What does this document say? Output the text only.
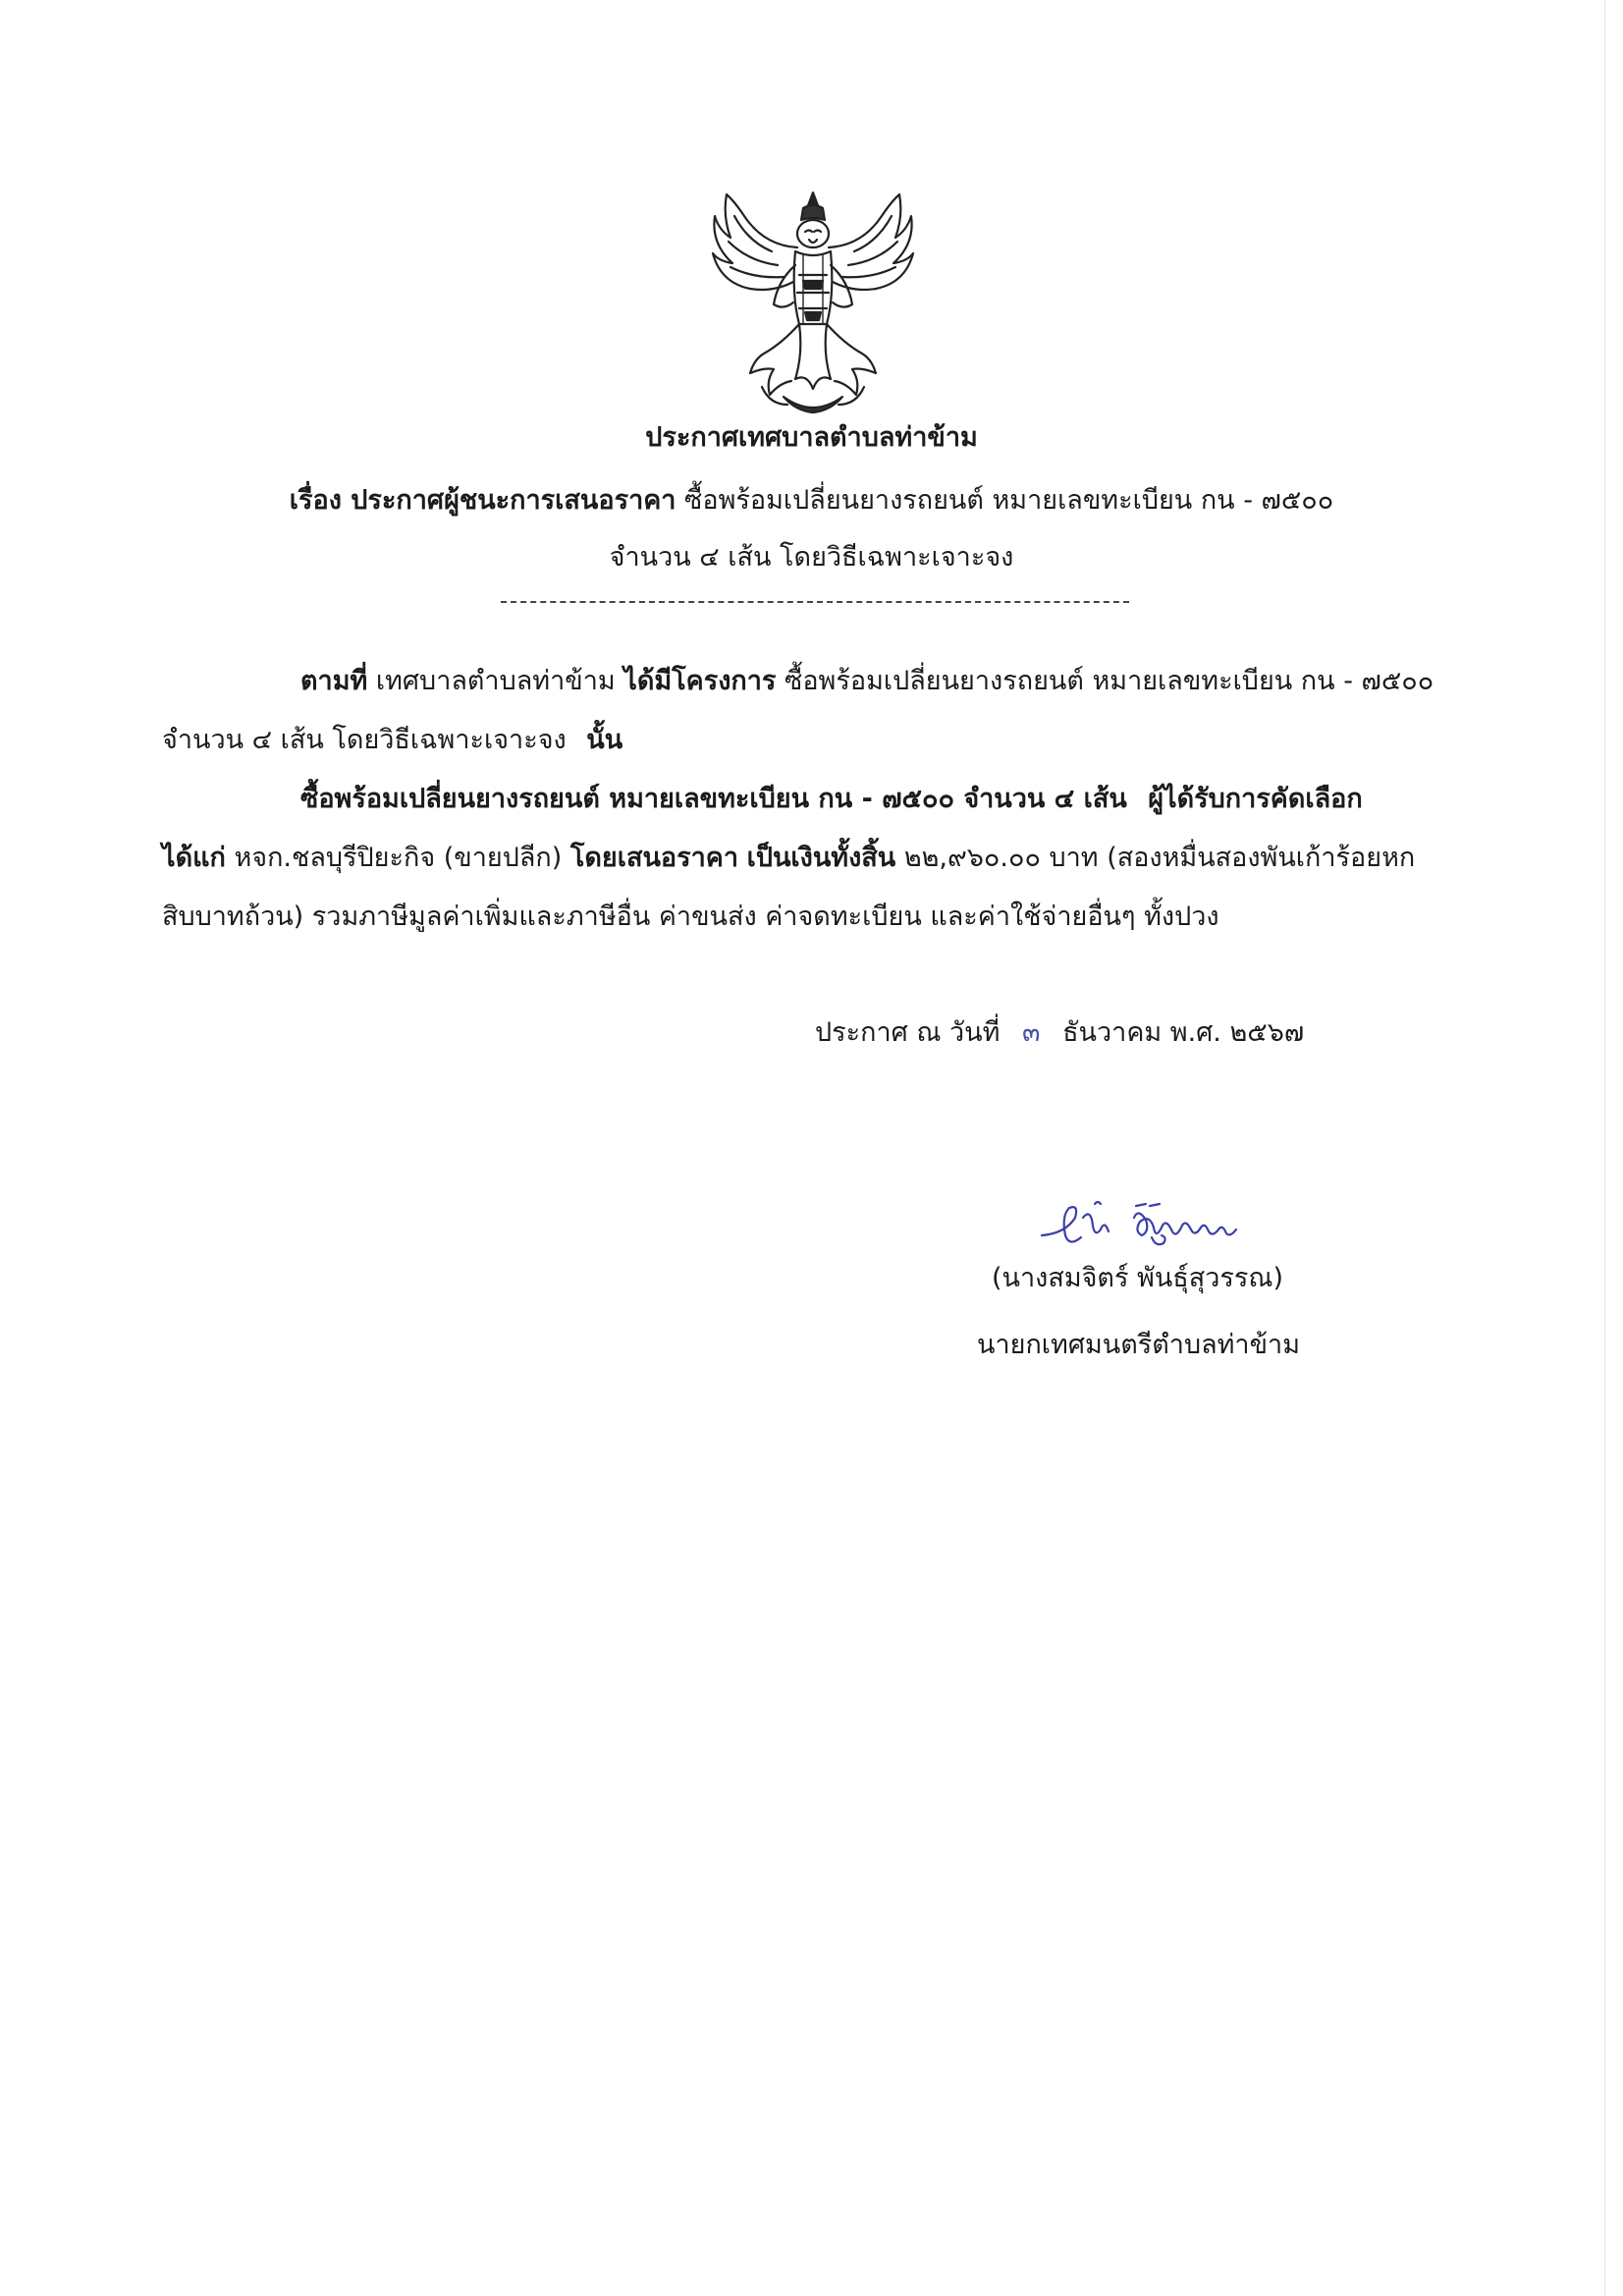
ประกาศเทศบาลตำบลท่าข้าม
เรื่อง ประกาศผู้ชนะการเสนอราคา ซื้อพร้อมเปลี่ยนยางรถยนต์ หมายเลขทะเบียน กน - ๗๕๐๐
จำนวน ๔ เส้น โดยวิธีเฉพาะเจาะจง
ตามที่ เทศบาลตำบลท่าข้าม ได้มีโครงการ ซื้อพร้อมเปลี่ยนยางรถยนต์ หมายเลขทะเบียน กน - ๗๕๐๐
จำนวน ๔ เส้น โดยวิธีเฉพาะเจาะจง นั้น
ซื้อพร้อมเปลี่ยนยางรถยนต์ หมายเลขทะเบียน กน - ๗๕๐๐ จำนวน ๔ เส้น ผู้ได้รับการคัดเลือก
ได้แก่ หจก.ชลบุรีปิยะกิจ (ขายปลีก) โดยเสนอราคา เป็นเงินทั้งสิ้น ๒๒,๙๖๐.๐๐ บาท (สองหมื่นสองพันเก้าร้อยหก
สิบบาทถ้วน) รวมภาษีมูลค่าเพิ่มและภาษีอื่น ค่าขนส่ง ค่าจดทะเบียน และค่าใช้จ่ายอื่นๆ ทั้งปวง
ประกาศ ณ วันที่ ๓ ธันวาคม พ.ศ. ๒๕๖๗
(นางสมจิตร์ พันธุ์สุวรรณ)
นายกเทศมนตรีตำบลท่าข้าม
